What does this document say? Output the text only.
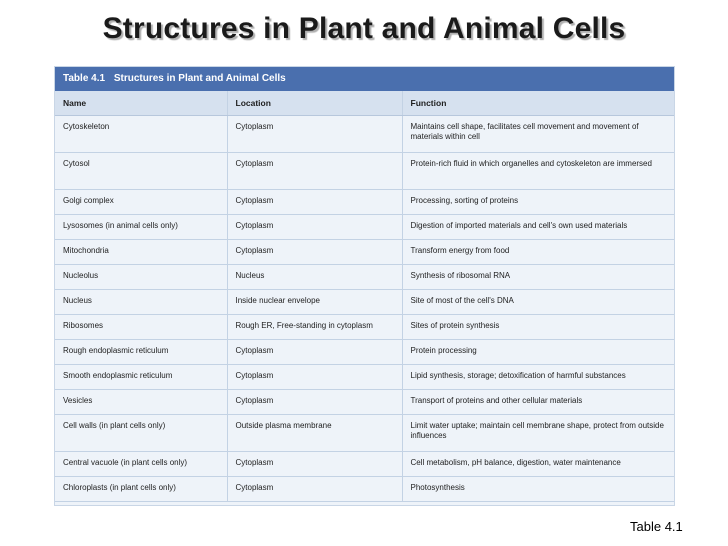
Structures in Plant and Animal Cells
Table 4.1 Structures in Plant and Animal Cells
Name	Location	Function
Cytoskeleton	Cytoplasm	Maintains cell shape, facilitates cell movement and movement of materials within cell
Cytosol	Cytoplasm	Protein-rich fluid in which organelles and cytoskeleton are immersed
Golgi complex	Cytoplasm	Processing, sorting of proteins
Lysosomes (in animal cells only)	Cytoplasm	Digestion of imported materials and cell's own used materials
Mitochondria	Cytoplasm	Transform energy from food
Nucleolus	Nucleus	Synthesis of ribosomal RNA
Nucleus	Inside nuclear envelope	Site of most of the cell's DNA
Ribosomes	Rough ER, Free-standing in cytoplasm	Sites of protein synthesis
Rough endoplasmic reticulum	Cytoplasm	Protein processing
Smooth endoplasmic reticulum	Cytoplasm	Lipid synthesis, storage; detoxification of harmful substances
Vesicles	Cytoplasm	Transport of proteins and other cellular materials
Cell walls (in plant cells only)	Outside plasma membrane	Limit water uptake; maintain cell membrane shape, protect from outside influences
Central vacuole (in plant cells only)	Cytoplasm	Cell metabolism, pH balance, digestion, water maintenance
Chloroplasts (in plant cells only)	Cytoplasm	Photosynthesis
Table 4.1
